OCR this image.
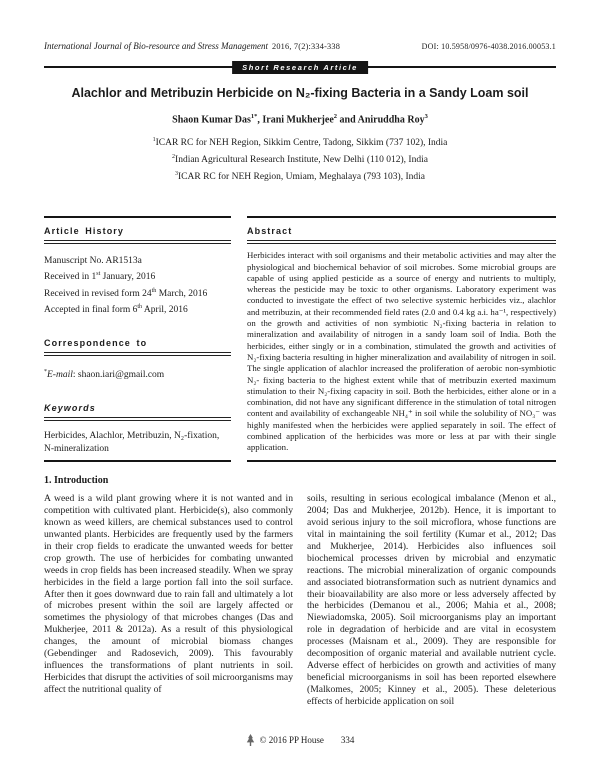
International Journal of Bio-resource and Stress Management 2016, 7(2):334-338	DOI: 10.5958/0976-4038.2016.00053.1
Short Research Article
Alachlor and Metribuzin Herbicide on N₂-fixing Bacteria in a Sandy Loam soil
Shaon Kumar Das$^{1*}$, Irani Mukherjee$^2$ and Aniruddha Roy$^3$
$^1$ICAR RC for NEH Region, Sikkim Centre, Tadong, Sikkim (737 102), India
$^2$Indian Agricultural Research Institute, New Delhi (110 012), India
$^3$ICAR RC for NEH Region, Umiam, Meghalaya (793 103), India
Article History
Manuscript No. AR1513a
Received in 1st January, 2016
Received in revised form 24th March, 2016
Accepted in final form 6th April, 2016
Correspondence to
*E-mail: shaon.iari@gmail.com
Keywords
Herbicides, Alachlor, Metribuzin, N₂-fixation, N-mineralization
Abstract

Herbicides interact with soil organisms and their metabolic activities and may alter the physiological and biochemical behavior of soil microbes. Some microbial groups are capable of using applied pesticide as a source of energy and nutrients to multiply, whereas the pesticide may be toxic to other organisms. Laboratory experiment was conducted to investigate the effect of two selective systemic herbicides viz., alachlor and metribuzin, at their recommended field rates (2.0 and 0.4 kg a.i. ha⁻¹, respectively) on the growth and activities of non symbiotic N₂-fixing bacteria in relation to mineralization and availability of nitrogen in a sandy loam soil of India. Both the herbicides, either singly or in a combination, stimulated the growth and activities of N₂-fixing bacteria resulting in higher mineralization and availability of nitrogen in soil. The single application of alachlor increased the proliferation of aerobic non-symbiotic N₂- fixing bacteria to the highest extent while that of metribuzin exerted maximum stimulation to their N₂-fixing capacity in soil. Both the herbicides, either alone or in a combination, did not have any significant difference in the stimulation of total nitrogen content and availability of exchangeable NH₄⁺ in soil while the solubility of NO₃⁻ was highly manifested when the herbicides were applied separately in soil. The effect of combined application of the herbicides was more or less at par with their single application.

1. Introduction

A weed is a wild plant growing where it is not wanted and in competition with cultivated plant. Herbicide(s), also commonly known as weed killers, are chemical substances used to control unwanted plants. Herbicides are frequently used by the farmers in their crop fields to eradicate the unwanted weeds for better crop growth. The use of herbicides for combating unwanted weeds in crop fields has been increased steadily. When we spray herbicides in the field a large portion fall into the soil surface. After then it goes downward due to rain fall and ultimately a lot of microbes present within the soil are largely affected or sometimes the physiology of that microbes changes (Das and Mukherjee, 2011 & 2012a). As a result of this physiological changes, the amount of microbial biomass changes (Gebendinger and Radosevich, 2009). This favourably influences the transformations of plant nutrients in soil. Herbicides that disrupt the activities of soil microorganisms may affect the nutritional quality of

soils, resulting in serious ecological imbalance (Menon et al., 2004; Das and Mukherjee, 2012b). Hence, it is important to avoid serious injury to the soil microflora, whose functions are vital in maintaining the soil fertility (Kumar et al., 2012; Das and Mukherjee, 2014). Herbicides also influences soil biochemical processes driven by microbial and enzymatic reactions. The microbial mineralization of organic compounds and associated biotransformation such as nutrient dynamics and their bioavailability are also more or less adversely affected by the herbicides (Demanou et al., 2006; Mahia et al., 2008; Niewiadomska, 2005). Soil microorganisms play an important role in degradation of herbicide and are vital in ecosystem processes (Maisnam et al., 2009). They are responsible for decomposition of organic material and available nutrient cycle. Adverse effect of herbicides on growth and activities of many beneficial microorganisms in soil has been reported elsewhere (Malkomes, 2005; Kinney et al., 2005). These deleterious effects of herbicide application on soil

© 2016 PP House 334
